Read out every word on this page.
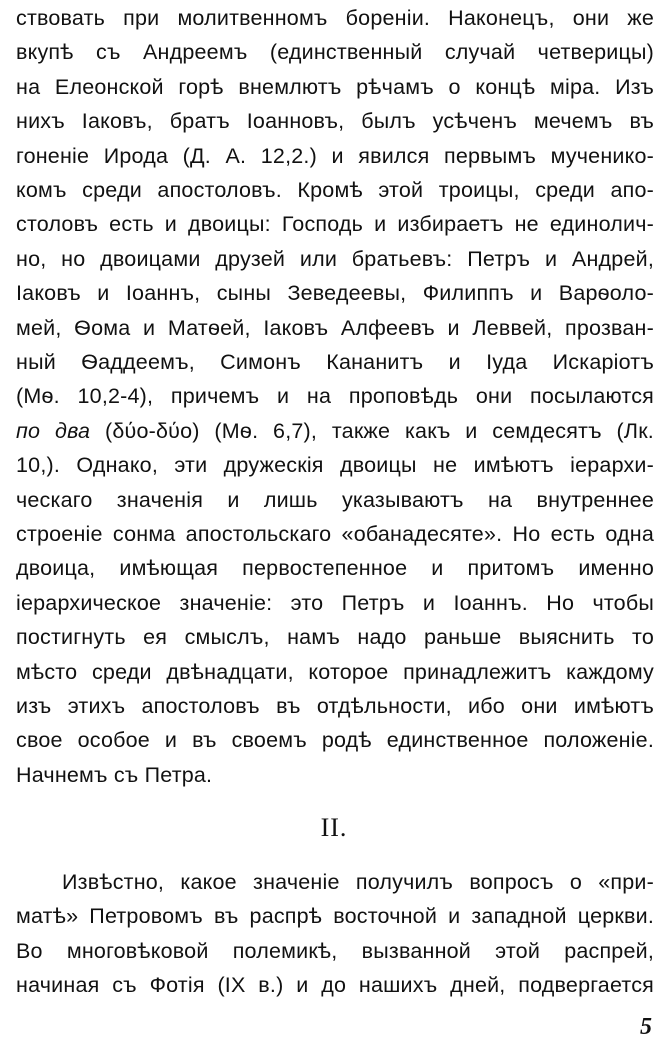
ствовать при молитвенномъ бореніи. Наконецъ, они же
вкупѣ съ Андреемъ (единственный случай четверицы)
на Елеонской горѣ внемлютъ рѣчамъ о концѣ міра. Изъ
нихъ Іаковъ, братъ Іоанновъ, былъ усѣченъ мечемъ въ
гоненіе Ирода (Д. А. 12,2.) и явился первымъ мученико-
комъ среди апостоловъ. Кромѣ этой троицы, среди апо-
столовъ есть и двоицы: Господь и избираетъ не единолич-
но, но двоицами друзей или братьевъ: Петръ и Андрей,
Іаковъ и Іоаннъ, сыны Зеведеевы, Филиппъ и Варѳоло-
мей, Ѳома и Матѳей, Іаковъ Алфеевъ и Леввей, прозван-
ный Ѳаддеемъ, Симонъ Кананитъ и Іуда Искаріотъ
(Мѳ. 10,2-4), причемъ и на проповѣдь они посылаются
по два (δύο-δύο) (Мѳ. 6,7), также какъ и семдесятъ (Лк.
10,). Однако, эти дружескія двоицы не имѣютъ іерархи-
ческаго значенія и лишь указываютъ на внутреннее
строеніе сонма апостольскаго «обанадесяте». Но есть одна
двоица, имѣющая первостепенное и притомъ именно
іерархическое значеніе: это Петръ и Іоаннъ. Но чтобы
постигнуть ея смыслъ, намъ надо раньше выяснить то
мѣсто среди двѣнадцати, которое принадлежитъ каждому
изъ этихъ апостоловъ въ отдѣльности, ибо они имѣютъ
свое особое и въ своемъ родѣ единственное положеніе.
Начнемъ съ Петра.
II.
Извѣстно, какое значеніе получилъ вопросъ о «при-
матѣ» Петровомъ въ распрѣ восточной и западной церкви.
Во многовѣковой полемикѣ, вызванной этой распрей,
начиная съ Фотія (IX в.) и до нашихъ дней, подвергается
5
